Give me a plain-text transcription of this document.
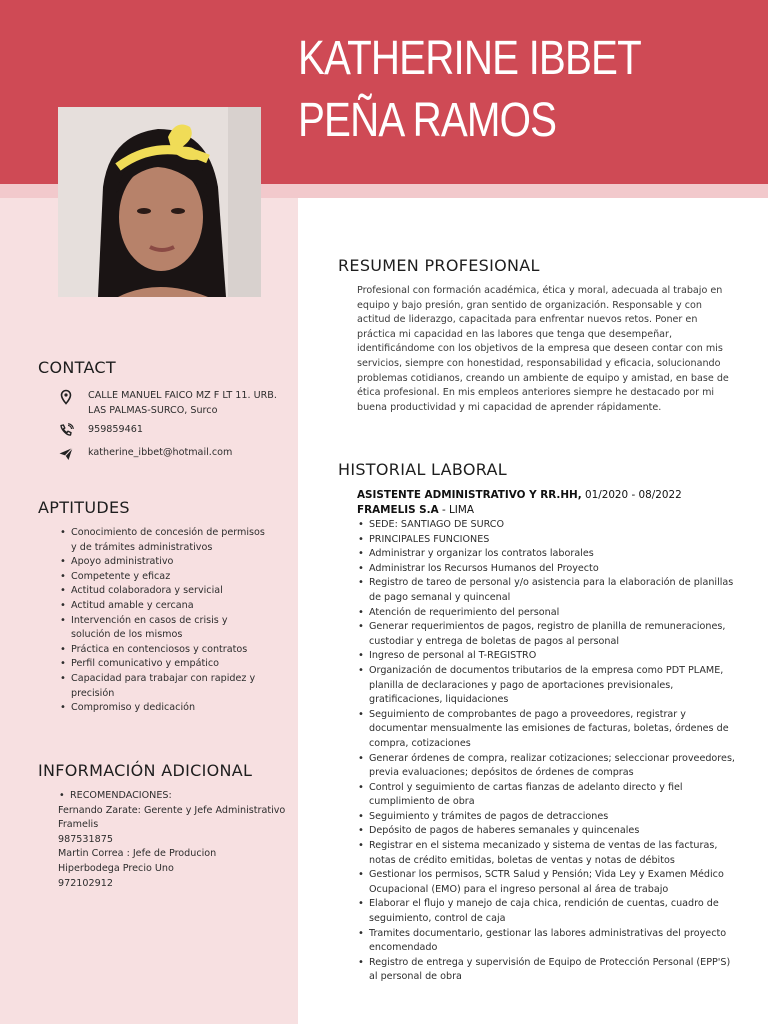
KATHERINE IBBET PEÑA RAMOS
CONTACT
CALLE MANUEL FAICO MZ F LT 11. URB. LAS PALMAS-SURCO, Surco
959859461
katherine_ibbet@hotmail.com
APTITUDES
• Conocimiento de concesión de permisos y de trámites administrativos
• Apoyo administrativo
• Competente y eficaz
• Actitud colaboradora y servicial
• Actitud amable y cercana
• Intervención en casos de crisis y solución de los mismos
• Práctica en contenciosos y contratos
• Perfil comunicativo y empático
• Capacidad para trabajar con rapidez y precisión
• Compromiso y dedicación
INFORMACIÓN ADICIONAL
• RECOMENDACIONES:
Fernando Zarate: Gerente y Jefe Administrativo
Framelis
987531875
Martin Correa : Jefe de Producion
Hiperbodega Precio Uno
972102912
RESUMEN PROFESIONAL

Profesional con formación académica, ética y moral, adecuada al trabajo en equipo y bajo presión, gran sentido de organización. Responsable y con actitud de liderazgo, capacitada para enfrentar nuevos retos. Poner en práctica mi capacidad en las labores que tenga que desempeñar, identificándome con los objetivos de la empresa que deseen contar con mis servicios, siempre con honestidad, responsabilidad y eficacia, solucionando problemas cotidianos, creando un ambiente de equipo y amistad, en base de ética profesional. En mis empleos anteriores siempre he destacado por mi buena productividad y mi capacidad de aprender rápidamente.

HISTORIAL LABORAL
ASISTENTE ADMINISTRATIVO Y RR.HH, 01/2020 - 08/2022
FRAMELIS S.A - LIMA
• SEDE: SANTIAGO DE SURCO
• PRINCIPALES FUNCIONES
• Administrar y organizar los contratos laborales
• Administrar los Recursos Humanos del Proyecto
• Registro de tareo de personal y/o asistencia para la elaboración de planillas de pago semanal y quincenal
• Atención de requerimiento del personal
• Generar requerimientos de pagos, registro de planilla de remuneraciones, custodiar y entrega de boletas de pagos al personal
• Ingreso de personal al T-REGISTRO
• Organización de documentos tributarios de la empresa como PDT PLAME, planilla de declaraciones y pago de aportaciones previsionales, gratificaciones, liquidaciones
• Seguimiento de comprobantes de pago a proveedores, registrar y documentar mensualmente las emisiones de facturas, boletas, órdenes de compra, cotizaciones
• Generar órdenes de compra, realizar cotizaciones; seleccionar proveedores, previa evaluaciones; depósitos de órdenes de compras
• Control y seguimiento de cartas fianzas de adelanto directo y fiel cumplimiento de obra
• Seguimiento y trámites de pagos de detracciones
• Depósito de pagos de haberes semanales y quincenales
• Registrar en el sistema mecanizado y sistema de ventas de las facturas, notas de crédito emitidas, boletas de ventas y notas de débitos
• Gestionar los permisos, SCTR Salud y Pensión; Vida Ley y Examen Médico Ocupacional (EMO) para el ingreso personal al área de trabajo
• Elaborar el flujo y manejo de caja chica, rendición de cuentas, cuadro de seguimiento, control de caja
• Tramites documentario, gestionar las labores administrativas del proyecto encomendado
• Registro de entrega y supervisión de Equipo de Protección Personal (EPP'S) al personal de obra
